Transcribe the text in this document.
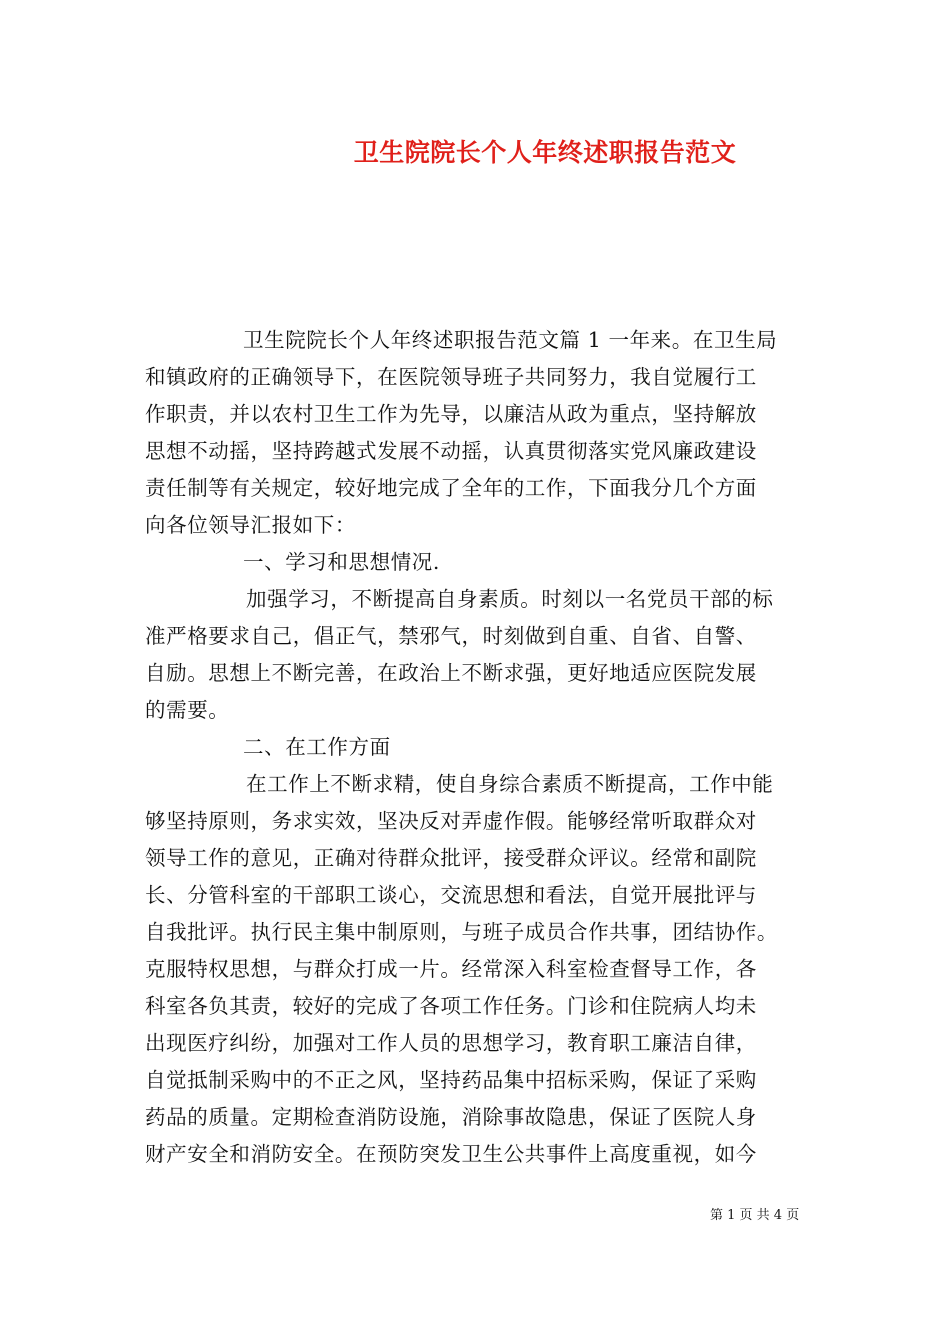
卫生院院长个人年终述职报告范文
卫生院院长个人年终述职报告范文篇 1 一年来。在卫生局
和镇政府的正确领导下，在医院领导班子共同努力，我自觉履行工
作职责，并以农村卫生工作为先导，以廉洁从政为重点，坚持解放
思想不动摇，坚持跨越式发展不动摇，认真贯彻落实党风廉政建设
责任制等有关规定，较好地完成了全年的工作，下面我分几个方面
向各位领导汇报如下：
一、学习和思想情况.
加强学习，不断提高自身素质。时刻以一名党员干部的标
准严格要求自己，倡正气，禁邪气，时刻做到自重、自省、自警、
自励。思想上不断完善，在政治上不断求强，更好地适应医院发展
的需要。
二、在工作方面
在工作上不断求精，使自身综合素质不断提高，工作中能
够坚持原则，务求实效，坚决反对弄虚作假。能够经常听取群众对
领导工作的意见，正确对待群众批评，接受群众评议。经常和副院
长、分管科室的干部职工谈心，交流思想和看法，自觉开展批评与
自我批评。执行民主集中制原则，与班子成员合作共事，团结协作。
克服特权思想，与群众打成一片。经常深入科室检查督导工作，各
科室各负其责，较好的完成了各项工作任务。门诊和住院病人均未
出现医疗纠纷，加强对工作人员的思想学习，教育职工廉洁自律，
自觉抵制采购中的不正之风，坚持药品集中招标采购，保证了采购
药品的质量。定期检查消防设施，消除事故隐患，保证了医院人身
财产安全和消防安全。在预防突发卫生公共事件上高度重视，如今
第 1 页 共 4 页
